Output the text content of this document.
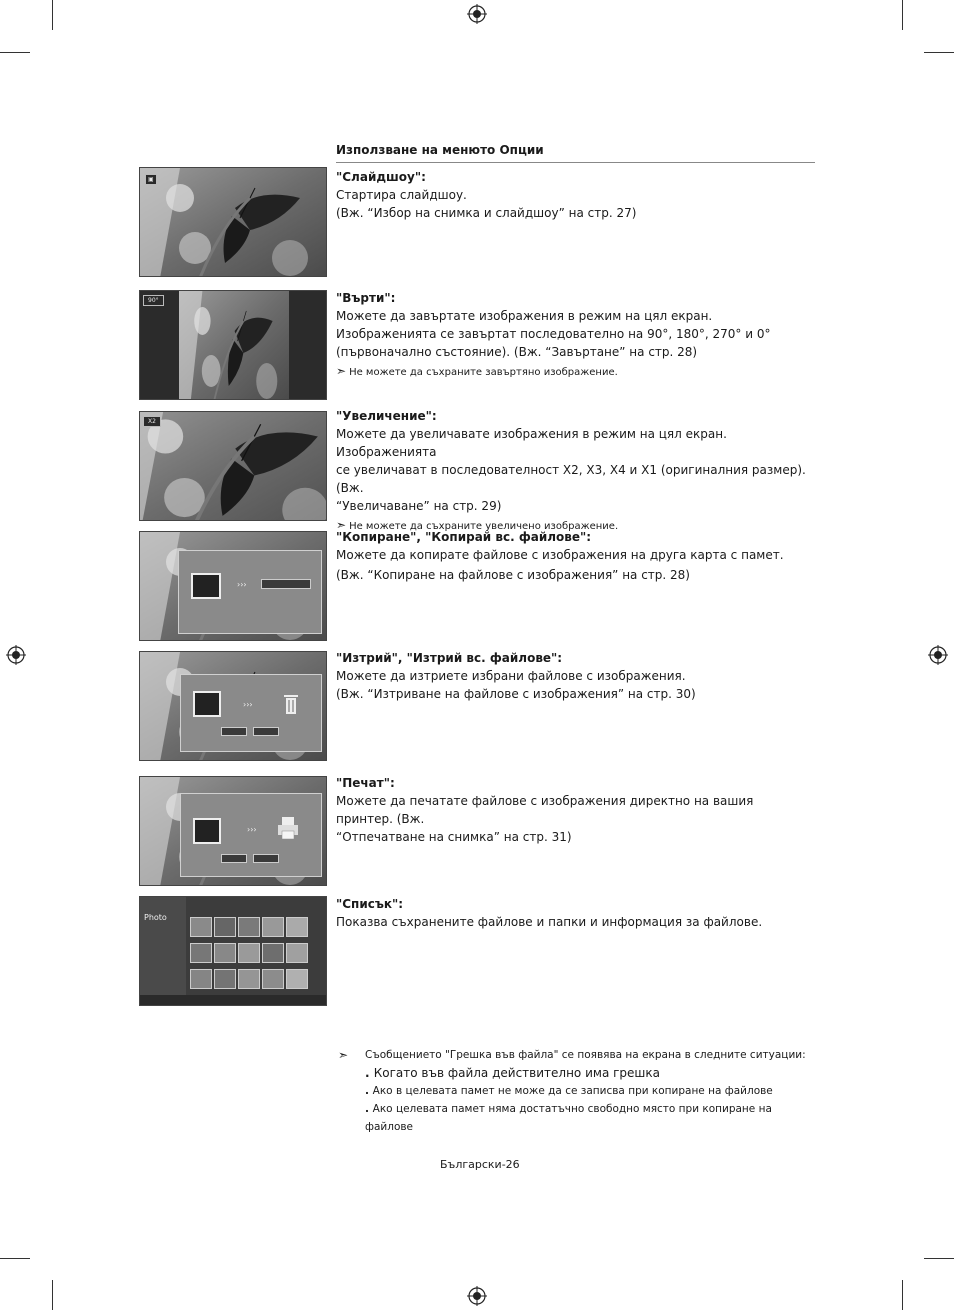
Използване на менюто Опции
▣
90°
X2
›››
›››
›››
Photo
"Слайдшоу":
Стартира слайдшоу.
(Вж. “Избор на снимка и слайдшоу” на стр. 27)
"Върти":
Можете да завъртате изображения в режим на цял екран.
Изображенията се завъртат последователно на 90°, 180°, 270° и 0°
(първоначално състояние). (Вж. “Завъртане” на стр. 28)
➣ Не можете да съхраните завъртяно изображение.
"Увеличение":
Можете да увеличавате изображения в режим на цял екран. Изображенията
се увеличават в последователност X2, X3, X4 и X1 (оригиналния размер). (Вж.
“Увеличаване” на стр. 29)
➣ Не можете да съхраните увеличено изображение.
"Копиране", "Копирай вс. файлове":
Можете да копирате файлове с изображения на друга карта с памет.
(Вж. “Копиране на файлове с изображения” на стр. 28)
"Изтрий", "Изтрий вс. файлове":
Можете да изтриете избрани файлове с изображения.
(Вж. “Изтриване на файлове с изображения” на стр. 30)
"Печат":
Можете да печатате файлове с изображения директно на вашия принтер. (Вж.
“Отпечатване на снимка” на стр. 31)
"Списък":
Показва съхранените файлове и папки и информация за файлове.
➣ Съобщението "Грешка във файла" се появява на екрана в следните ситуации:
. Когато във файла действително има грешка
. Ако в целевата памет не може да се записва при копиране на файлове
. Ако целевата памет няма достатъчно свободно място при копиране на файлове
Български-26
